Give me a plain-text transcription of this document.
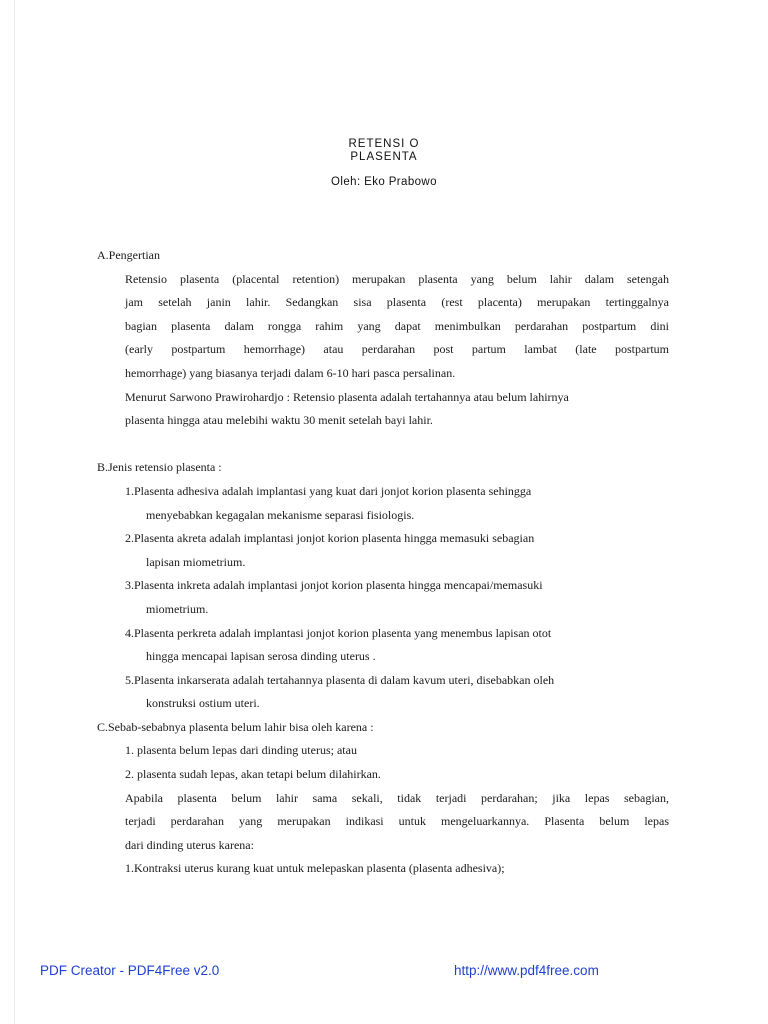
RETENSI O
PLASENTA
Oleh: Eko Prabowo
A.Pengertian
Retensio plasenta (placental retention) merupakan plasenta yang belum lahir dalam setengah
jam setelah janin lahir. Sedangkan sisa plasenta (rest placenta) merupakan tertinggalnya
bagian plasenta dalam rongga rahim yang dapat menimbulkan perdarahan postpartum dini
(early postpartum hemorrhage) atau perdarahan post partum lambat (late postpartum
hemorrhage) yang biasanya terjadi dalam 6-10 hari pasca persalinan.
Menurut Sarwono Prawirohardjo : Retensio plasenta adalah tertahannya atau belum lahirnya
plasenta hingga atau melebihi waktu 30 menit setelah bayi lahir.
B.Jenis retensio plasenta :
1.Plasenta adhesiva adalah implantasi yang kuat dari jonjot korion plasenta sehingga
menyebabkan kegagalan mekanisme separasi fisiologis.
2.Plasenta akreta adalah implantasi jonjot korion plasenta hingga memasuki sebagian
lapisan miometrium.
3.Plasenta inkreta adalah implantasi jonjot korion plasenta hingga mencapai/memasuki
miometrium.
4.Plasenta perkreta adalah implantasi jonjot korion plasenta yang menembus lapisan otot
hingga mencapai lapisan serosa dinding uterus .
5.Plasenta inkarserata adalah tertahannya plasenta di dalam kavum uteri, disebabkan oleh
konstruksi ostium uteri.
C.Sebab-sebabnya plasenta belum lahir bisa oleh karena :
1. plasenta belum lepas dari dinding uterus; atau
2. plasenta sudah lepas, akan tetapi belum dilahirkan.
Apabila plasenta belum lahir sama sekali, tidak terjadi perdarahan; jika lepas sebagian,
terjadi perdarahan yang merupakan indikasi untuk mengeluarkannya. Plasenta belum lepas
dari dinding uterus karena:
1.Kontraksi uterus kurang kuat untuk melepaskan plasenta (plasenta adhesiva);
PDF Creator - PDF4Free v2.0	http://www.pdf4free.com
